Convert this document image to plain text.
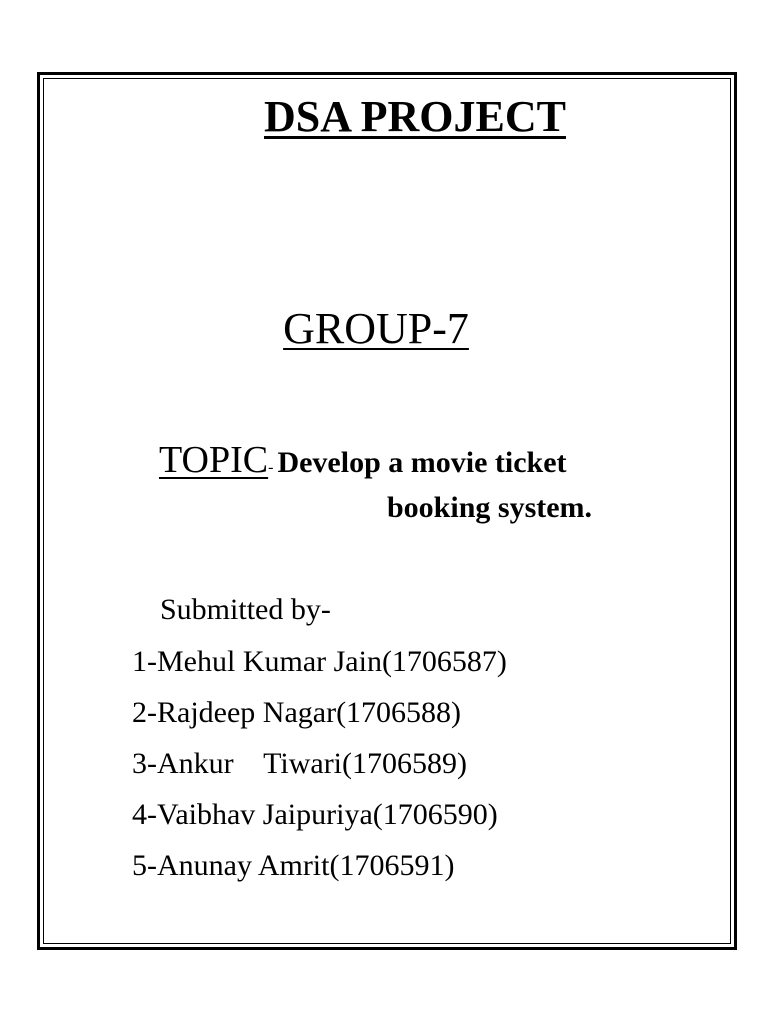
DSA PROJECT
GROUP-7
TOPIC- Develop a movie ticket
booking system.
Submitted by-
1-Mehul Kumar Jain(1706587)
2-Rajdeep Nagar(1706588)
3-Ankur    Tiwari(1706589)
4-Vaibhav Jaipuriya(1706590)
5-Anunay Amrit(1706591)
